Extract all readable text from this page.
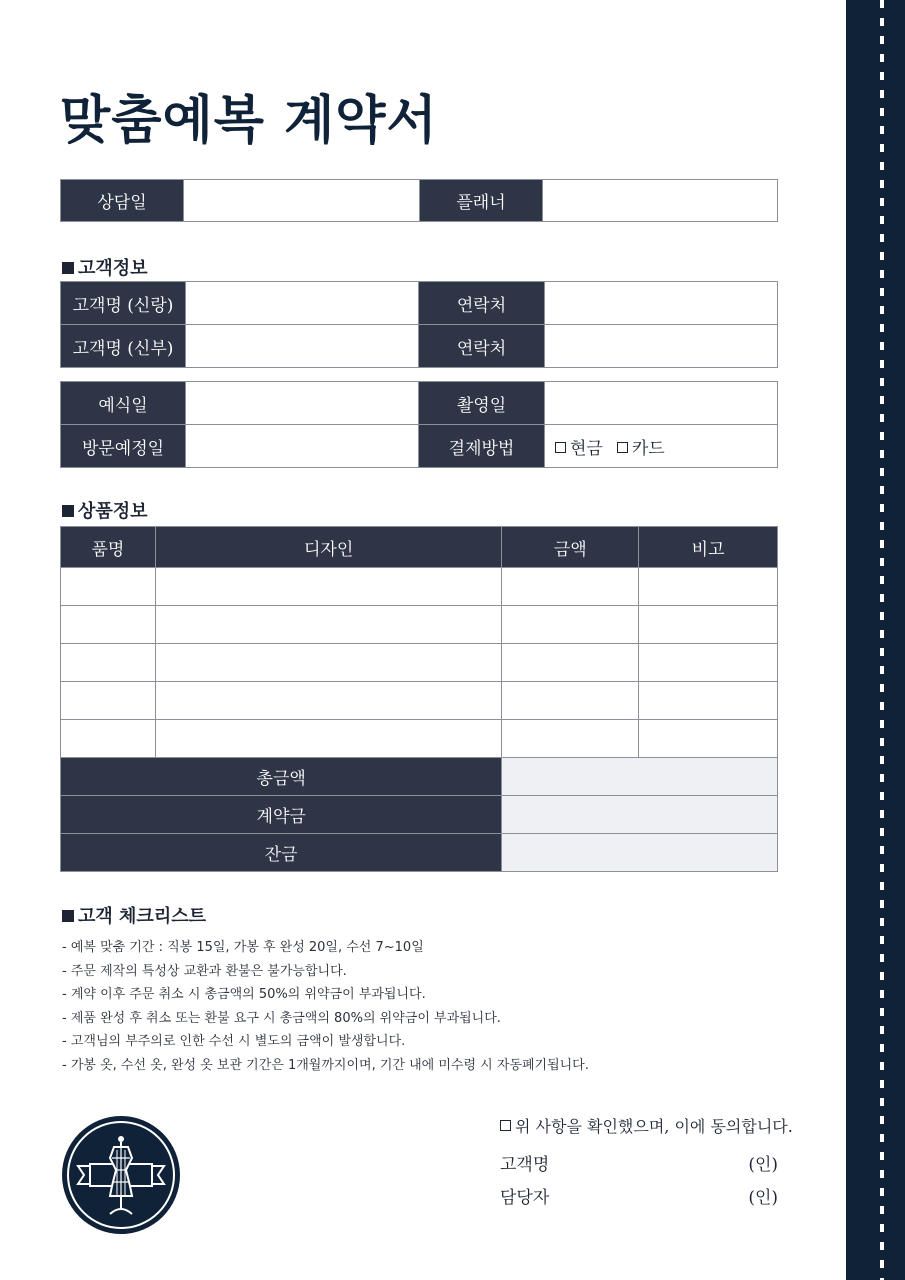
맞춤예복 계약서
상담일	플래너
고객정보
고객명 (신랑)	연락처
고객명 (신부)	연락처
예식일	촬영일
방문예정일	결제방법	현금	카드
상품정보
품명	디자인	금액	비고

총금액			
계약금			
잔금			
고객 체크리스트
- 예복 맞춤 기간 : 직봉 15일, 가봉 후 완성 20일, 수선 7~10일
- 주문 제작의 특성상 교환과 환불은 불가능합니다.
- 계약 이후 주문 취소 시 총금액의 50%의 위약금이 부과됩니다.
- 제품 완성 후 취소 또는 환불 요구 시 총금액의 80%의 위약금이 부과됩니다.
- 고객님의 부주의로 인한 수선 시 별도의 금액이 발생합니다.
- 가봉 옷, 수선 옷, 완성 옷 보관 기간은 1개월까지이며, 기간 내에 미수령 시 자동폐기됩니다.
위 사항을 확인했으며, 이에 동의합니다.
고객명	(인)
담당자	(인)
